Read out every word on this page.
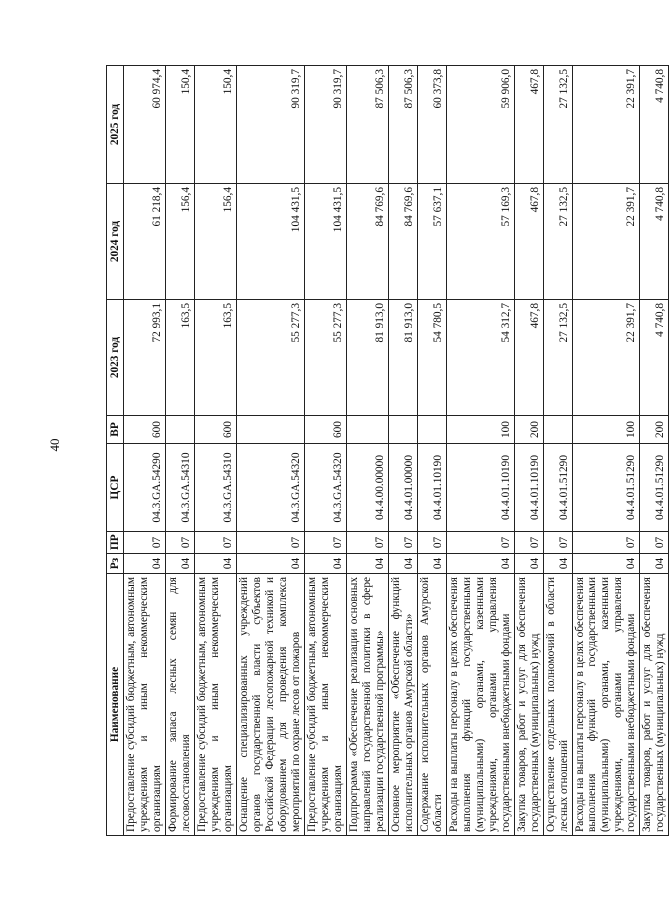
40
Наименование	Рз	ПР	ЦСР	ВР	2023 год	2024 год	2025 год
Предоставление субсидий бюджетным, автономным учреждениям и иным некоммерческим организациям	04	07	04.3.GA.54290	600	72 993,1	61 218,4	60 974,4
Формирование запаса лесных семян для лесовосстановления	04	07	04.3.GA.54310		163,5	156,4	150,4
Предоставление субсидий бюджетным, автономным учреждениям и иным некоммерческим организациям	04	07	04.3.GA.54310	600	163,5	156,4	150,4
Оснащение специализированных учреждений органов государственной власти субъектов Российской Федерации лесопожарной техникой и оборудованием для проведения комплекса мероприятий по охране лесов от пожаров	04	07	04.3.GA.54320		55 277,3	104 431,5	90 319,7
Предоставление субсидий бюджетным, автономным учреждениям и иным некоммерческим организациям	04	07	04.3.GA.54320	600	55 277,3	104 431,5	90 319,7
Подпрограмма «Обеспечение реализации основных направлений государственной политики в сфере реализации государственной программы»	04	07	04.4.00.00000		81 913,0	84 769,6	87 506,3
Основное мероприятие «Обеспечение функций исполнительных органов Амурской области»	04	07	04.4.01.00000		81 913,0	84 769,6	87 506,3
Содержание исполнительных органов Амурской области	04	07	04.4.01.10190		54 780,5	57 637,1	60 373,8
Расходы на выплаты персоналу в целях обеспечения выполнения функций государственными (муниципальными) органами, казенными учреждениями, органами управления государственными внебюджетными фондами	04	07	04.4.01.10190	100	54 312,7	57 169,3	59 906,0
Закупка товаров, работ и услуг для обеспечения государственных (муниципальных) нужд	04	07	04.4.01.10190	200	467,8	467,8	467,8
Осуществление отдельных полномочий в области лесных отношений	04	07	04.4.01.51290		27 132,5	27 132,5	27 132,5
Расходы на выплаты персоналу в целях обеспечения выполнения функций государственными (муниципальными) органами, казенными учреждениями, органами управления государственными внебюджетными фондами	04	07	04.4.01.51290	100	22 391,7	22 391,7	22 391,7
Закупка товаров, работ и услуг для обеспечения государственных (муниципальных) нужд	04	07	04.4.01.51290	200	4 740,8	4 740,8	4 740,8
